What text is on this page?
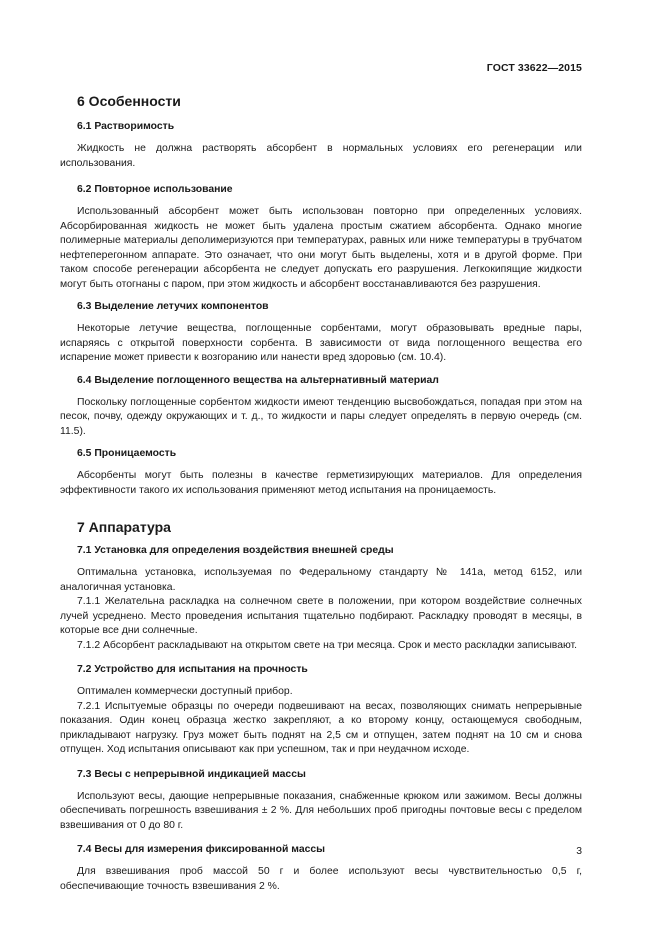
ГОСТ 33622—2015
6 Особенности
6.1 Растворимость

Жидкость не должна растворять абсорбент в нормальных условиях его регенерации или использования.

6.2 Повторное использование

Использованный абсорбент может быть использован повторно при определенных условиях. Абсорбированная жидкость не может быть удалена простым сжатием абсорбента. Однако многие полимерные материалы деполимеризуются при температурах, равных или ниже температуры в трубчатом нефтеперегонном аппарате. Это означает, что они могут быть выделены, хотя и в другой форме. При таком способе регенерации абсорбента не следует допускать его разрушения. Легкокипящие жидкости могут быть отогнаны с паром, при этом жидкость и абсорбент восстанавливаются без разрушения.

6.3 Выделение летучих компонентов

Некоторые летучие вещества, поглощенные сорбентами, могут образовывать вредные пары, испаряясь с открытой поверхности сорбента. В зависимости от вида поглощенного вещества его испарение может привести к возгоранию или нанести вред здоровью (см. 10.4).

6.4 Выделение поглощенного вещества на альтернативный материал

Поскольку поглощенные сорбентом жидкости имеют тенденцию высвобождаться, попадая при этом на песок, почву, одежду окружающих и т. д., то жидкости и пары следует определять в первую очередь (см. 11.5).

6.5 Проницаемость

Абсорбенты могут быть полезны в качестве герметизирующих материалов. Для определения эффективности такого их использования применяют метод испытания на проницаемость.

7 Аппаратура
7.1 Установка для определения воздействия внешней среды

Оптимальна установка, используемая по Федеральному стандарту № 141a, метод 6152, или аналогичная установка.

7.1.1 Желательна раскладка на солнечном свете в положении, при котором воздействие солнечных лучей усреднено. Место проведения испытания тщательно подбирают. Раскладку проводят в месяцы, в которые все дни солнечные.

7.1.2 Абсорбент раскладывают на открытом свете на три месяца. Срок и место раскладки записывают.

7.2 Устройство для испытания на прочность

Оптимален коммерчески доступный прибор.

7.2.1 Испытуемые образцы по очереди подвешивают на весах, позволяющих снимать непрерывные показания. Один конец образца жестко закрепляют, а ко второму концу, остающемуся свободным, прикладывают нагрузку. Груз может быть поднят на 2,5 см и отпущен, затем поднят на 10 см и снова отпущен. Ход испытания описывают как при успешном, так и при неудачном исходе.

7.3 Весы с непрерывной индикацией массы

Используют весы, дающие непрерывные показания, снабженные крюком или зажимом. Весы должны обеспечивать погрешность взвешивания ± 2 %. Для небольших проб пригодны почтовые весы с пределом взвешивания от 0 до 80 г.

7.4 Весы для измерения фиксированной массы

Для взвешивания проб массой 50 г и более используют весы чувствительностью 0,5 г, обеспечивающие точность взвешивания 2 %.

3
